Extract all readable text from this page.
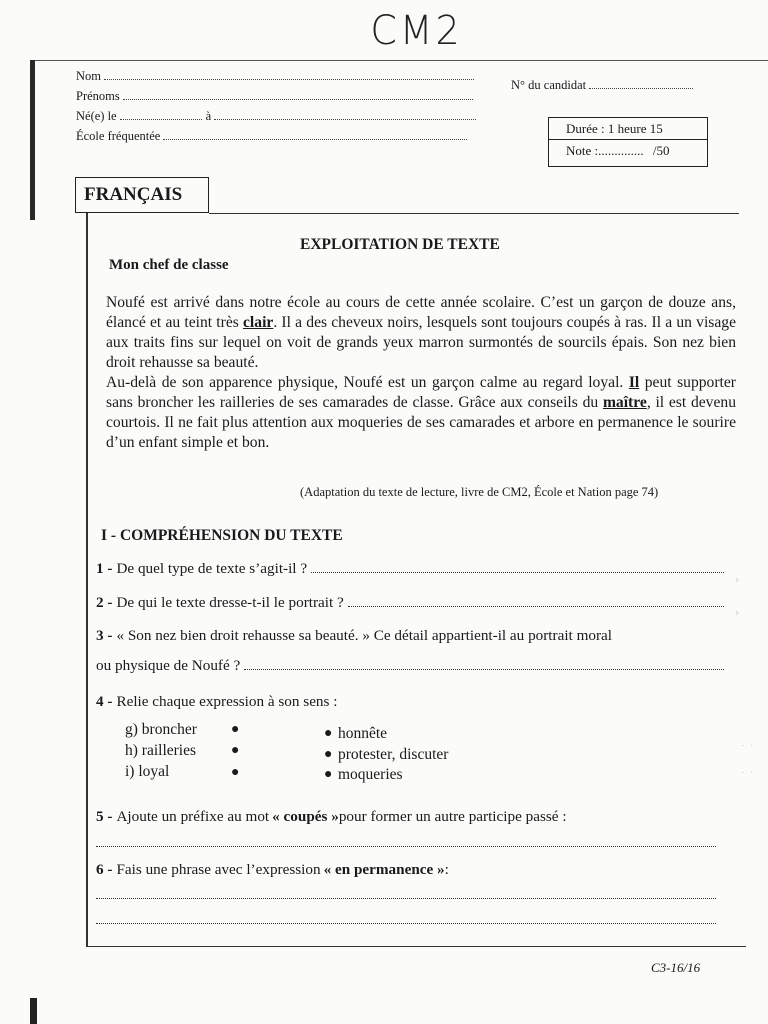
CM2
Nom
Prénoms
Né(e) le	à
École fréquentée
N° du candidat
Durée : 1 heure 15
Note :.............. /50
FRANÇAIS
EXPLOITATION DE TEXTE
Mon chef de classe
Noufé est arrivé dans notre école au cours de cette année scolaire. C’est un garçon de douze ans, élancé et au teint très clair. Il a des cheveux noirs, lesquels sont toujours coupés à ras. Il a un visage aux traits fins sur lequel on voit de grands yeux marron surmontés de sourcils épais. Son nez bien droit rehausse sa beauté.
Au-delà de son apparence physique, Noufé est un garçon calme au regard loyal. Il peut supporter sans broncher les railleries de ses camarades de classe. Grâce aux conseils du maître, il est devenu courtois. Il ne fait plus attention aux moqueries de ses camarades et arbore en permanence le sourire d’un enfant simple et bon.
(Adaptation du texte de lecture, livre de CM2, École et Nation page 74)
I - COMPRÉHENSION DU TEXTE
1 - De quel type de texte s’agit-il ?
2 - De qui le texte dresse-t-il le portrait ?
3 - « Son nez bien droit rehausse sa beauté. » Ce détail appartient-il au portrait moral
ou physique de Noufé ?
4 - Relie chaque expression à son sens :
g) broncher
h) railleries
i) loyal
●
●
●
●
●
●
honnête
protester, discuter
moqueries
5 - Ajoute un préfixe au mot « coupés » pour former un autre participe passé :
6 - Fais une phrase avec l’expression « en permanence » :
›
›
˙ ˙
˙ ˙
C3-16/16
